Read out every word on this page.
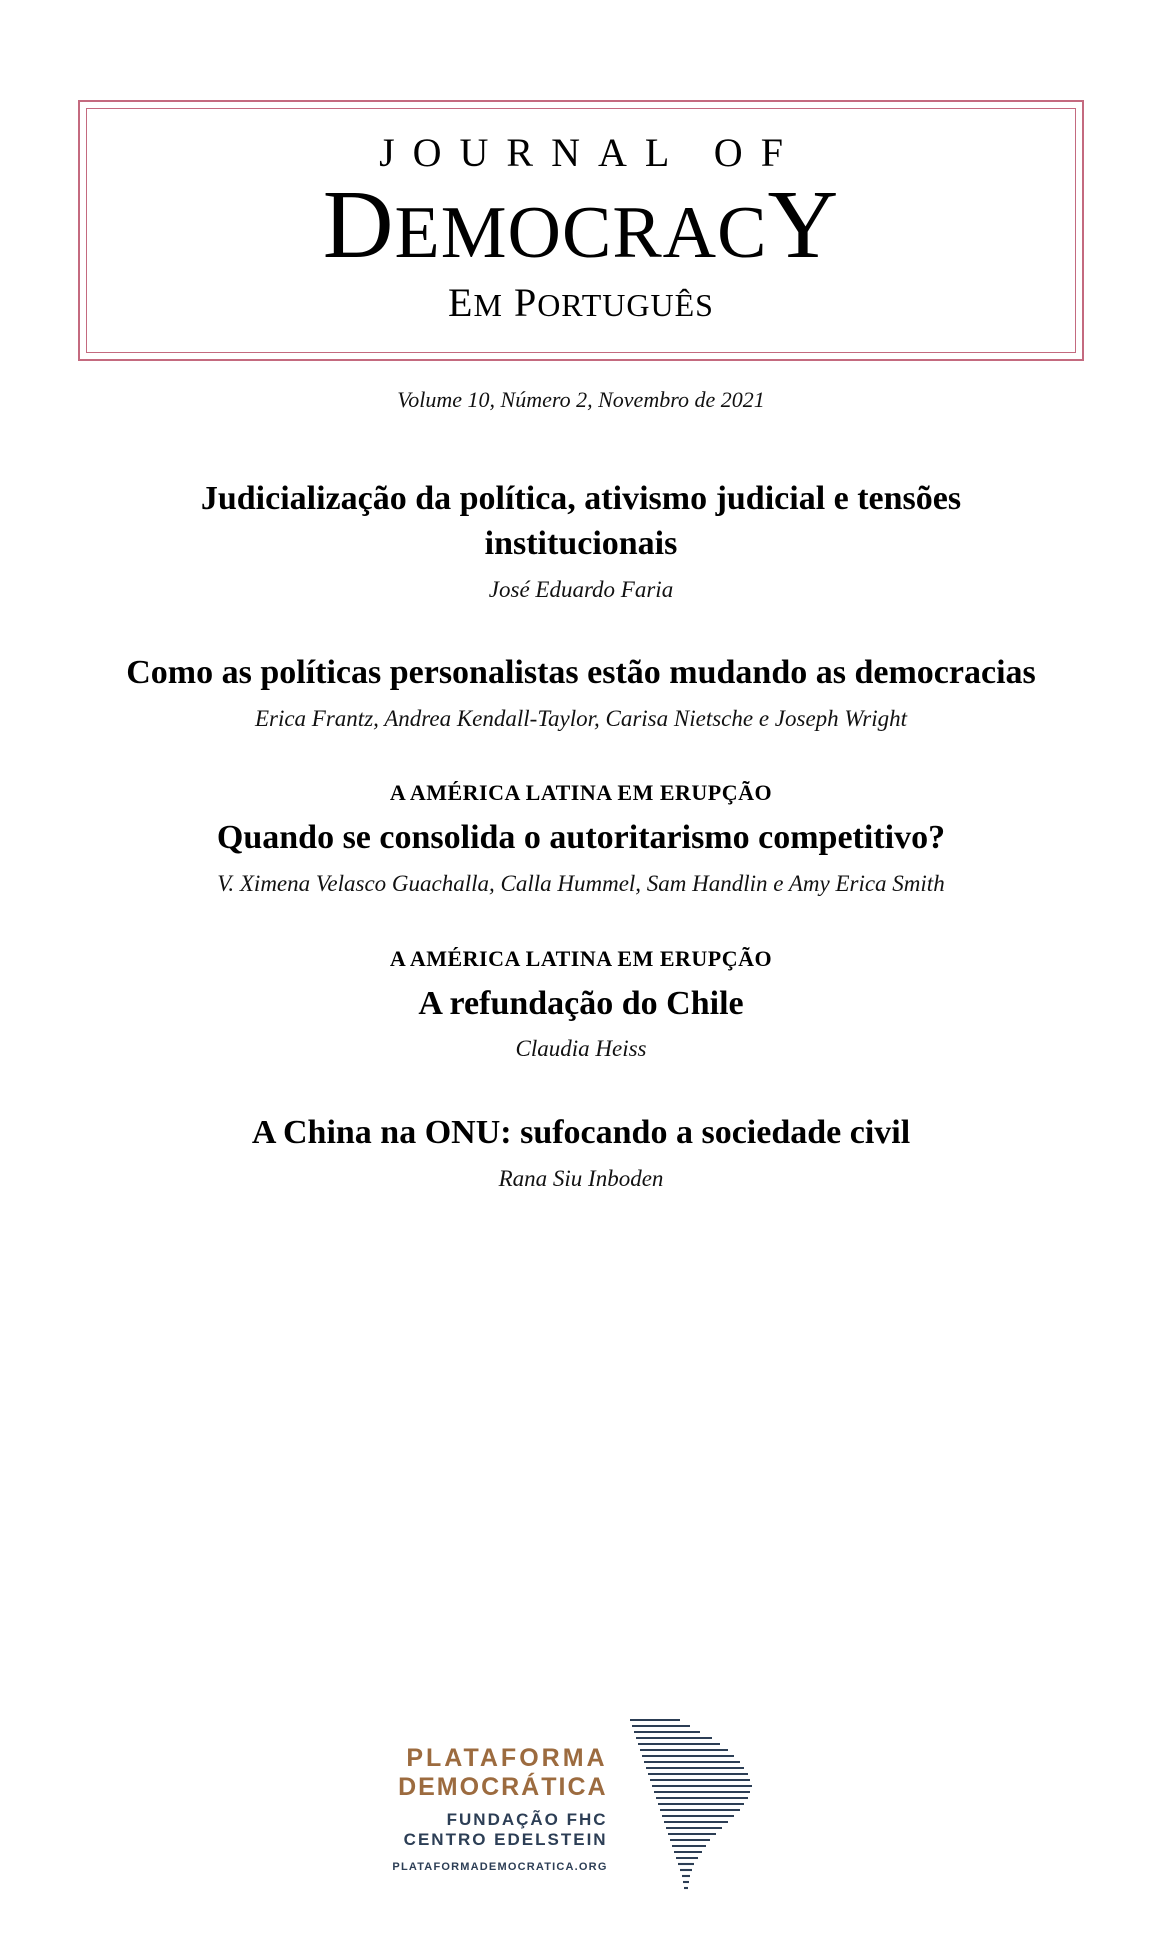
JOURNAL OF
DEMOCRACY
EM PORTUGUÊS
Volume 10, Número 2, Novembro de 2021
Judicialização da política, ativismo judicial e tensões institucionais
José Eduardo Faria
Como as políticas personalistas estão mudando as democracias
Erica Frantz, Andrea Kendall-Taylor, Carisa Nietsche e Joseph Wright
A AMÉRICA LATINA EM ERUPÇÃO
Quando se consolida o autoritarismo competitivo?
V. Ximena Velasco Guachalla, Calla Hummel, Sam Handlin e Amy Erica Smith
A AMÉRICA LATINA EM ERUPÇÃO
A refundação do Chile
Claudia Heiss
A China na ONU: sufocando a sociedade civil
Rana Siu Inboden
PLATAFORMA
DEMOCRÁTICA
FUNDAÇÃO FHC
CENTRO EDELSTEIN
PLATAFORMADEMOCRATICA.ORG
